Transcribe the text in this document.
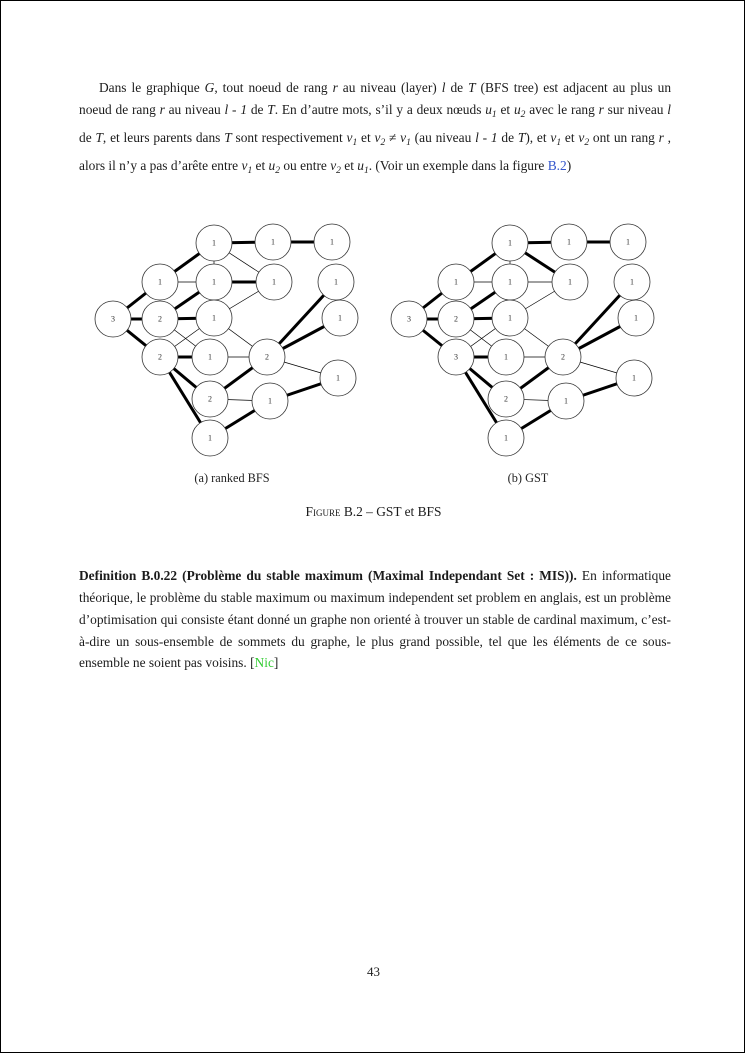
Dans le graphique G, tout noeud de rang r au niveau (layer) l de T (BFS tree) est adjacent au plus un noeud de rang r au niveau l - 1 de T. En d’autre mots, s’il y a deux nœuds $u_1$ et $u_2$ avec le rang r sur niveau l de T, et leurs parents dans T sont respectivement $v_1$ et $v_2 \ne v_1$ (au niveau l - 1 de T), et $v_1$ et $v_2$ ont un rang r , alors il n’y a pas d’arête entre $v_1$ et $u_2$ ou entre $v_2$ et $u_1$. (Voir un exemple dans la figure B.2)

1	1	1
1	1	1	1
3	2	1	1
2	1	2
1
2	1
1
1	1	1
1	1	1	1
3	2	1	1
3	1	2
1
2	1
1
(a) ranked BFS	(b) GST
Figure B.2 – GST et BFS

Definition B.0.22 (Problème du stable maximum (Maximal Independant Set : MIS)). En informatique théorique, le problème du stable maximum ou maximum independent set problem en anglais, est un problème d’optimisation qui consiste étant donné un graphe non orienté à trouver un stable de cardinal maximum, c’est-à-dire un sous-ensemble de sommets du graphe, le plus grand possible, tel que les éléments de ce sous-ensemble ne soient pas voisins. [Nic]

43
